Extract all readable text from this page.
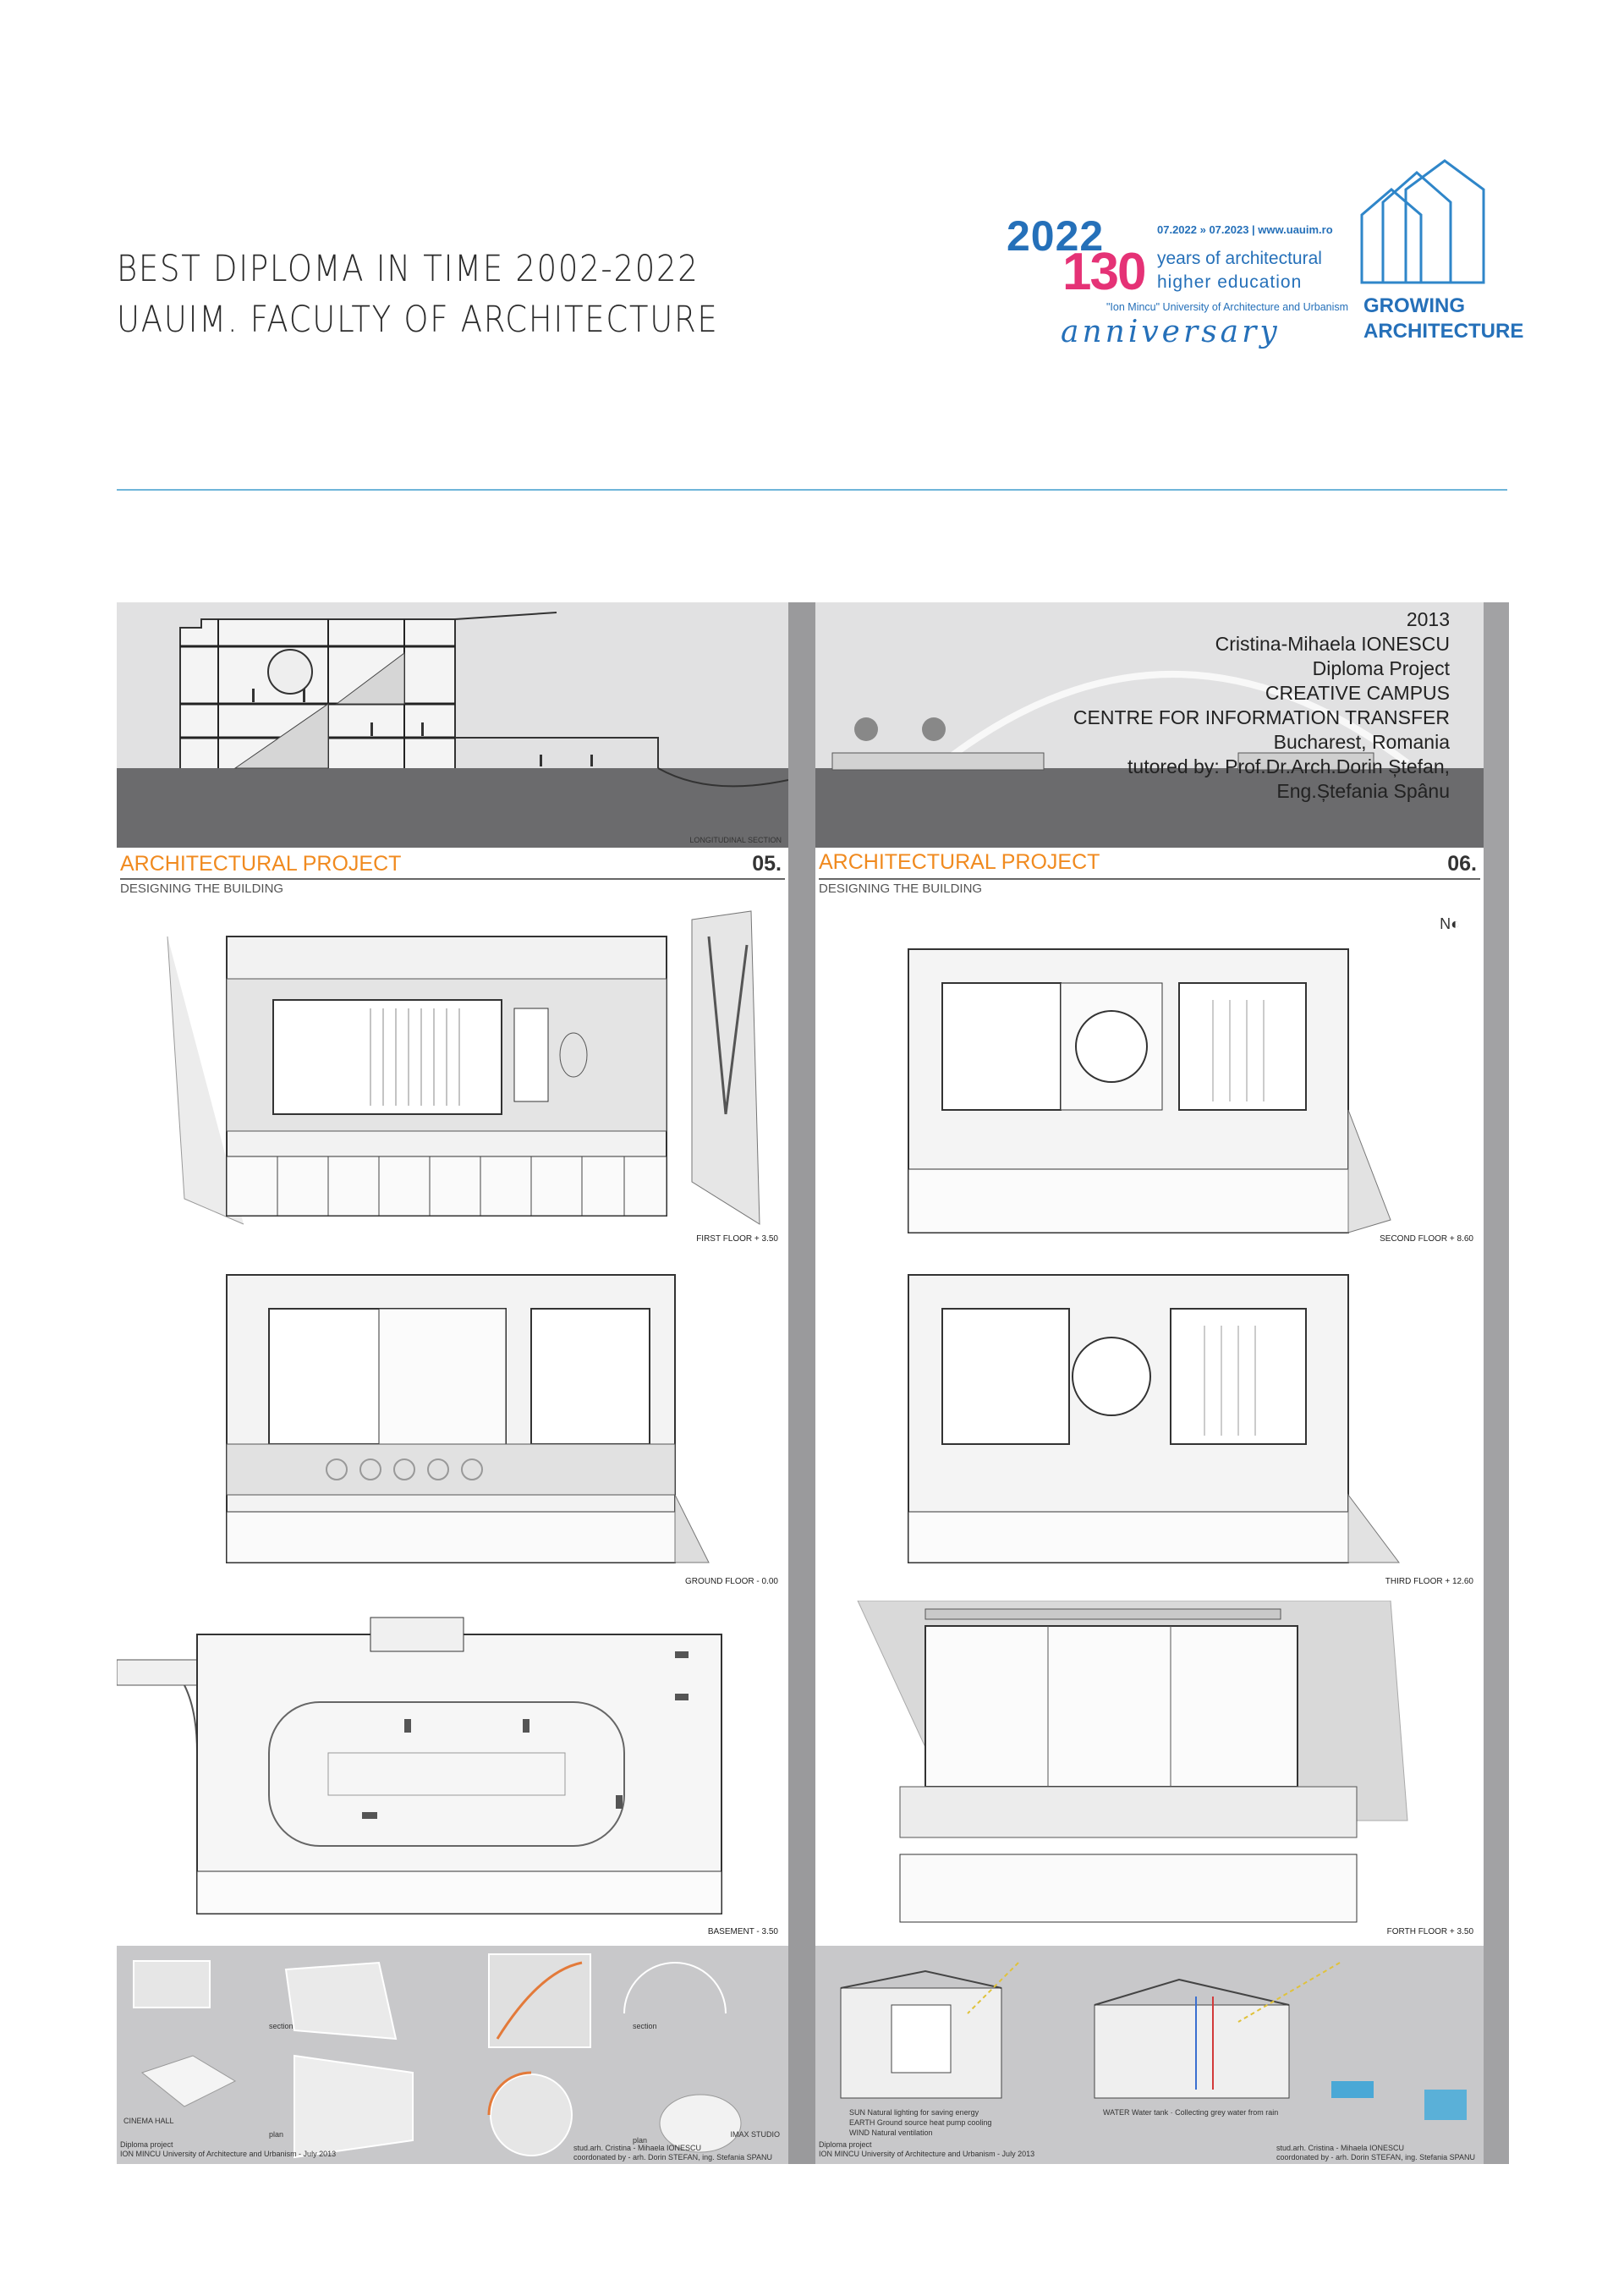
BEST DIPLOMA IN TIME 2002-2022
UAUIM. FACULTY OF ARCHITECTURE
2022
130
07.2022 » 07.2023 | www.uauim.ro
years of architectural
higher education
"Ion Mincu" University of Architecture and Urbanism
anniversary
GROWING
ARCHITECTURE
LONGITUDINAL SECTION
ARCHITECTURAL PROJECT	05.
DESIGNING THE BUILDING
FIRST FLOOR + 3.50
GROUND FLOOR - 0.00
BASEMENT - 3.50
CINEMA HALL
section	section
plan
plan
IMAX STUDIO
Diploma project
ION MINCU University of Architecture and Urbanism - July 2013
stud.arh. Cristina - Mihaela IONESCU
coordonated by - arh. Dorin STEFAN, ing. Stefania SPANU
2013
Cristina-Mihaela IONESCU
Diploma Project
CREATIVE CAMPUS
CENTRE FOR INFORMATION TRANSFER
Bucharest, Romania
tutored by: Prof.Dr.Arch.Dorin Ștefan,
Eng.Ștefania Spânu
ARCHITECTURAL PROJECT	06.
DESIGNING THE BUILDING
N◐
SECOND FLOOR + 8.60
THIRD FLOOR + 12.60
FORTH FLOOR + 3.50
SUN Natural lighting for saving energy
EARTH Ground source heat pump cooling
WIND Natural ventilation
WATER Water tank · Collecting grey water from rain
Diploma project
ION MINCU University of Architecture and Urbanism - July 2013
stud.arh. Cristina - Mihaela IONESCU
coordonated by - arh. Dorin STEFAN, ing. Stefania SPANU
